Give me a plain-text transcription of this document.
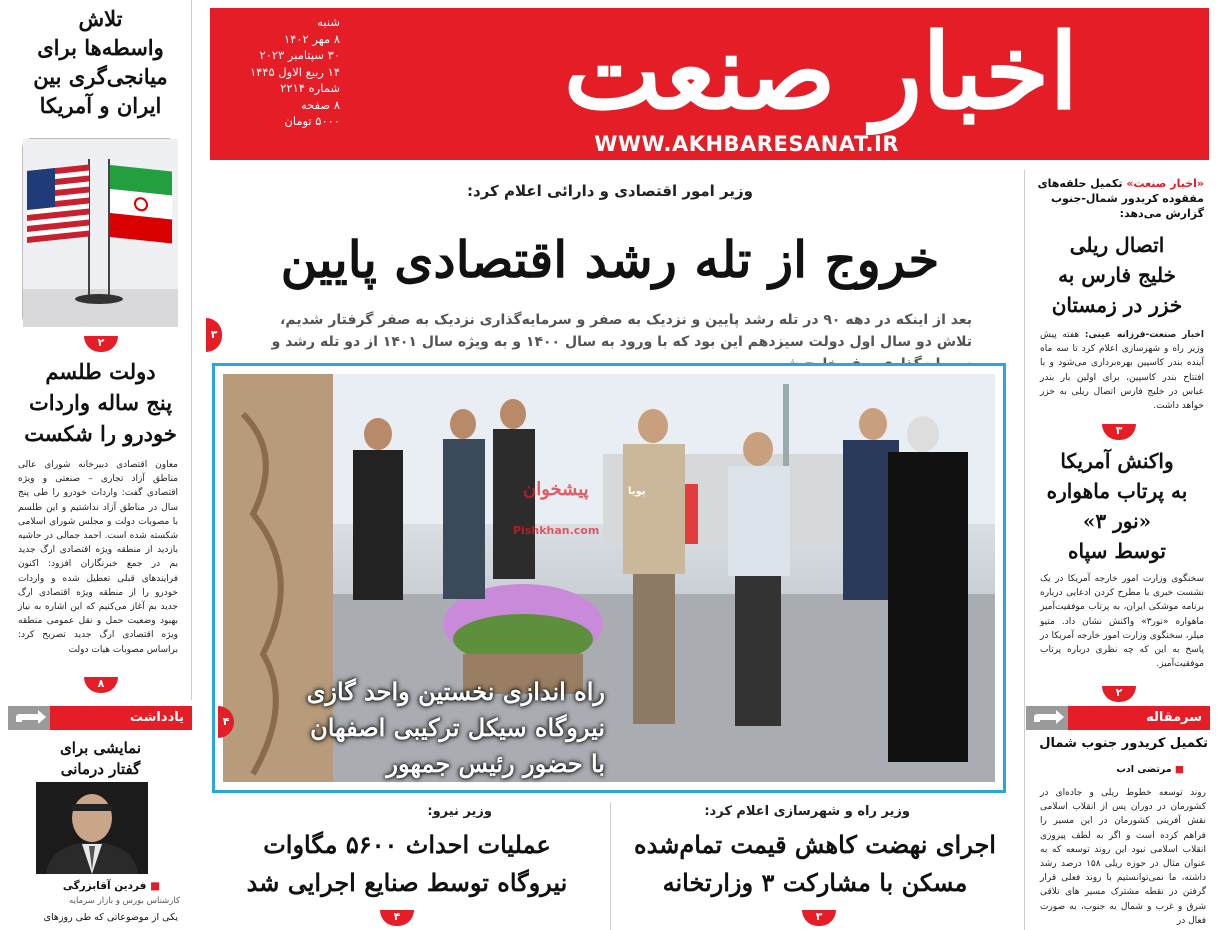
اخبار صنعت
WWW.AKHBARESANAT.IR
شنبه
۸ مهر ۱۴۰۲
۳۰ سپتامبر ۲۰۲۳
۱۴ ربیع الاول ۱۴۴۵
شماره ۲۲۱۴
۸ صفحه
۵۰۰۰ تومان
تلاش
واسطه‌ها برای
میانجی‌گری بین
ایران و آمریکا
۲
دولت طلسم
پنج ساله واردات
خودرو را شکست
معاون اقتصادی دبیرخانه شورای عالی مناطق آزاد تجاری – صنعتی و ویژه اقتصادی گفت: واردات خودرو را طی پنج سال در مناطق آزاد نداشتیم و این طلسم با مصوبات دولت و مجلس شورای اسلامی شکسته شده است. احمد جمالی در حاشیه بازدید از منطقه ویژه اقتصادی ارگ جدید بم در جمع خبرنگاران افزود: اکنون فرایندهای قبلی تعطیل شده و واردات خودرو را از منطقه ویژه اقتصادی ارگ جدید بم آغاز می‌کنیم که این اشاره به نیاز بهبود وضعیت حمل و نقل عمومی منطقه ویژه اقتصادی ارگ جدید تصریح کرد: براساس مصوبات هیات دولت
۸
یادداشت
نمایشی برای
گفتار درمانی
■ فردین آقابزرگی
کارشناس بورس و بازار سرمایه
یکی از موضوعاتی که طی روزهای
وزیر امور اقتصادی و دارائی اعلام کرد:
خروج از تله رشد اقتصادی پایین
بعد از اینکه در دهه ۹۰ در تله رشد پایین و نزدیک به صفر و سرمایه‌گذاری نزدیک به صفر گرفتار شدیم، تلاش دو سال اول دولت سیزدهم این بود که با ورود به سال ۱۴۰۰ و به ویژه سال ۱۴۰۱ از دو تله رشد و
۳
پیشخوان
Pishkhan.com
پویا
راه اندازی نخستین واحد گازی
نیروگاه سیکل ترکیبی اصفهان
با حضور رئیس جمهور
۴
وزیر راه و شهرسازی اعلام کرد:
اجرای نهضت کاهش قیمت تمام‌شده
مسکن با مشارکت ۳ وزارتخانه
۳
وزیر نیرو:
عملیات احداث ۵۶۰۰ مگاوات
نیروگاه توسط صنایع اجرایی شد
۴
«اخبار صنعت» تکمیل حلقه‌های مفقوده کریدور شمال-جنوب گزارش می‌دهد:
اتصال ریلی
خلیج فارس به
خزر در زمستان
اخبار صنعت-فرزانه عینی: هفته پیش وزیر راه و شهرسازی اعلام کرد تا سه ماه آینده بندر کاسپین بهره‌برداری می‌شود و با افتتاح بندر کاسپین، برای اولین بار بندر عباس در خلیج فارس اتصال ریلی به خزر خواهد داشت.
۳
واکنش آمریکا
به پرتاب ماهواره
«نور ۳»
توسط سپاه
سخنگوی وزارت امور خارجه آمریکا در یک نشست خبری با مطرح کردن ادعایی درباره برنامه موشکی ایران، به پرتاب موفقیت‌آمیز ماهواره «نور۳» واکنش نشان داد. متیو میلر، سخنگوی وزارت امور خارجه آمریکا در پاسخ به این که چه نظری درباره پرتاب موفقیت‌آمیز.
۲
سرمقاله
تکمیل کریدور جنوب شمال
■ مرتضی ادب
روند توسعه خطوط ریلی و جاده‌ای در کشورمان در دوران پس از انقلاب اسلامی نقش آفرینی کشورمان در این مسیر را فراهم کرده است و اگر به لطف پیروزی انقلاب اسلامی نبود این روند توسعه که به عنوان مثال در حوزه ریلی ۱۵۸ درصد رشد داشته، ما نمی‌توانستیم با روند فعلی قرار گرفتن در نقطه مشترک مسیر های تلاقی شرق و غرب و شمال به جنوب، به صورت فعال در
